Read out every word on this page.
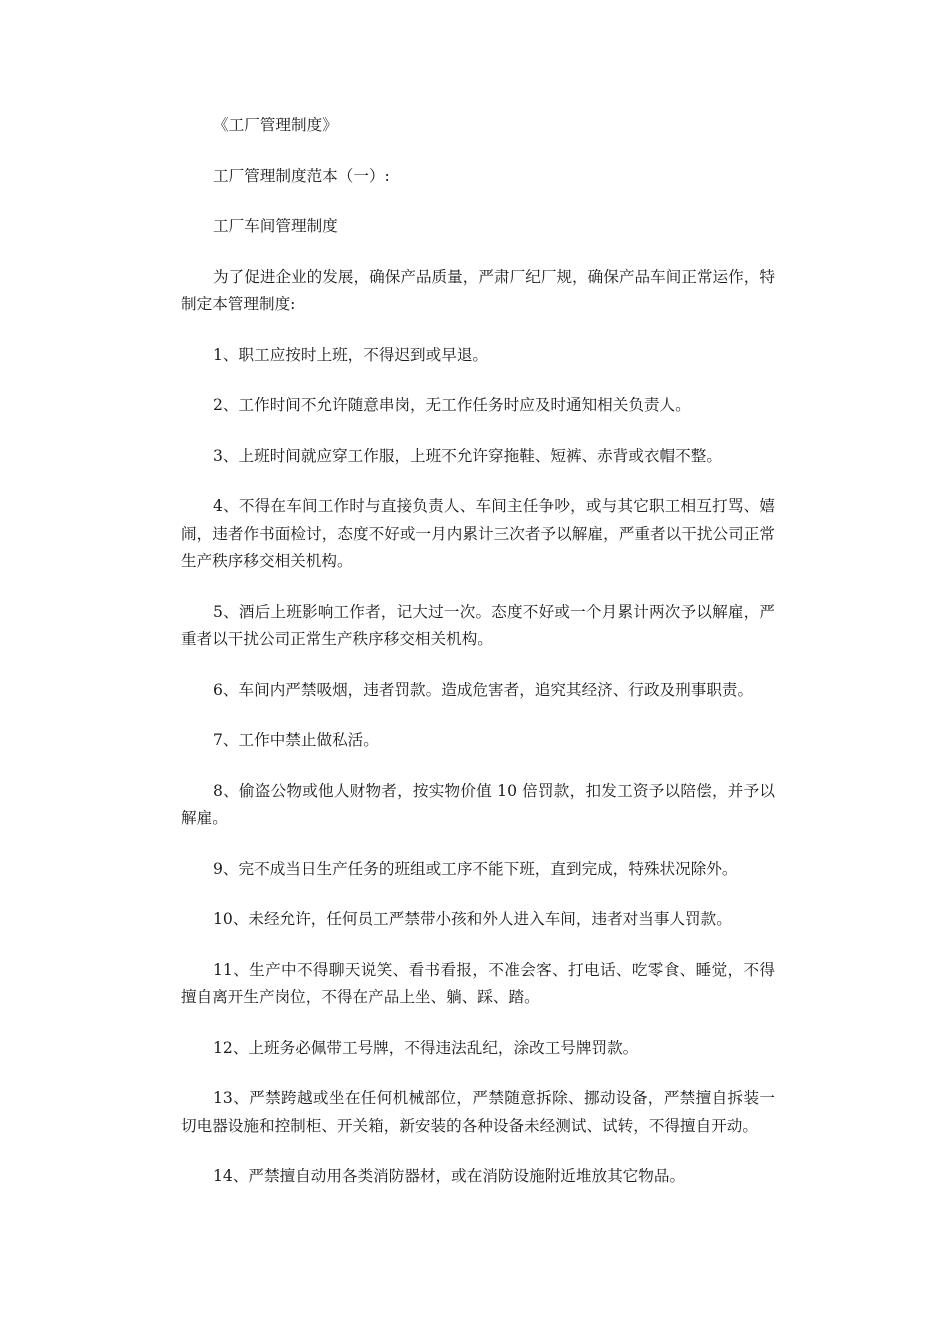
《工厂管理制度》

工厂管理制度范本（一）:

工厂车间管理制度

为了促进企业的发展，确保产品质量，严肃厂纪厂规，确保产品车间正常运作，特制定本管理制度:

1、职工应按时上班，不得迟到或早退。

2、工作时间不允许随意串岗，无工作任务时应及时通知相关负责人。

3、上班时间就应穿工作服，上班不允许穿拖鞋、短裤、赤背或衣帽不整。

4、不得在车间工作时与直接负责人、车间主任争吵，或与其它职工相互打骂、嬉闹，违者作书面检讨，态度不好或一月内累计三次者予以解雇，严重者以干扰公司正常生产秩序移交相关机构。

5、酒后上班影响工作者，记大过一次。态度不好或一个月累计两次予以解雇，严重者以干扰公司正常生产秩序移交相关机构。

6、车间内严禁吸烟，违者罚款。造成危害者，追究其经济、行政及刑事职责。

7、工作中禁止做私活。

8、偷盗公物或他人财物者，按实物价值 10 倍罚款，扣发工资予以陪偿，并予以解雇。

9、完不成当日生产任务的班组或工序不能下班，直到完成，特殊状况除外。

10、未经允许，任何员工严禁带小孩和外人进入车间，违者对当事人罚款。

11、生产中不得聊天说笑、看书看报，不准会客、打电话、吃零食、睡觉，不得擅自离开生产岗位，不得在产品上坐、躺、踩、踏。

12、上班务必佩带工号牌，不得违法乱纪，涂改工号牌罚款。

13、严禁跨越或坐在任何机械部位，严禁随意拆除、挪动设备，严禁擅自拆装一切电器设施和控制柜、开关箱，新安装的各种设备未经测试、试转，不得擅自开动。

14、严禁擅自动用各类消防器材，或在消防设施附近堆放其它物品。
